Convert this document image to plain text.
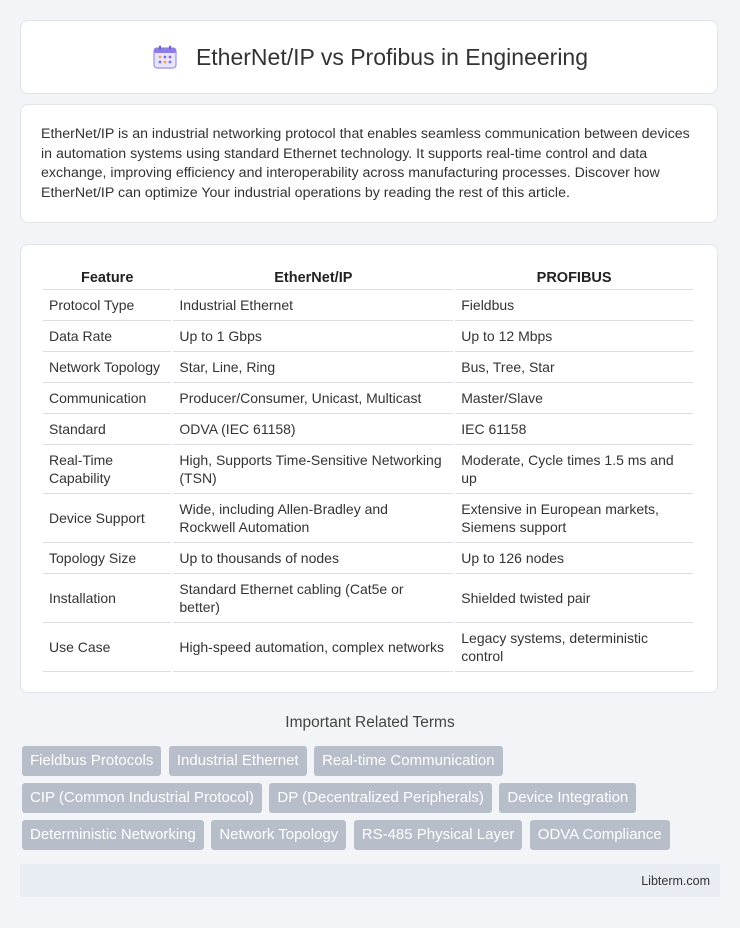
EtherNet/IP vs Profibus in Engineering

EtherNet/IP is an industrial networking protocol that enables seamless communication between devices in automation systems using standard Ethernet technology. It supports real-time control and data exchange, improving efficiency and interoperability across manufacturing processes. Discover how EtherNet/IP can optimize Your industrial operations by reading the rest of this article.

Feature	EtherNet/IP	PROFIBUS
Protocol Type	Industrial Ethernet	Fieldbus
Data Rate	Up to 1 Gbps	Up to 12 Mbps
Network Topology	Star, Line, Ring	Bus, Tree, Star
Communication	Producer/Consumer, Unicast, Multicast	Master/Slave
Standard	ODVA (IEC 61158)	IEC 61158
Real-Time Capability	High, Supports Time-Sensitive Networking (TSN)	Moderate, Cycle times 1.5 ms and up
Device Support	Wide, including Allen-Bradley and Rockwell Automation	Extensive in European markets, Siemens support
Topology Size	Up to thousands of nodes	Up to 126 nodes
Installation	Standard Ethernet cabling (Cat5e or better)	Shielded twisted pair
Use Case	High-speed automation, complex networks	Legacy systems, deterministic control
Important Related Terms
Fieldbus Protocols Industrial Ethernet Real-time Communication CIP (Common Industrial Protocol) DP (Decentralized Peripherals) Device Integration Deterministic Networking Network Topology RS-485 Physical Layer ODVA Compliance
Libterm.com
